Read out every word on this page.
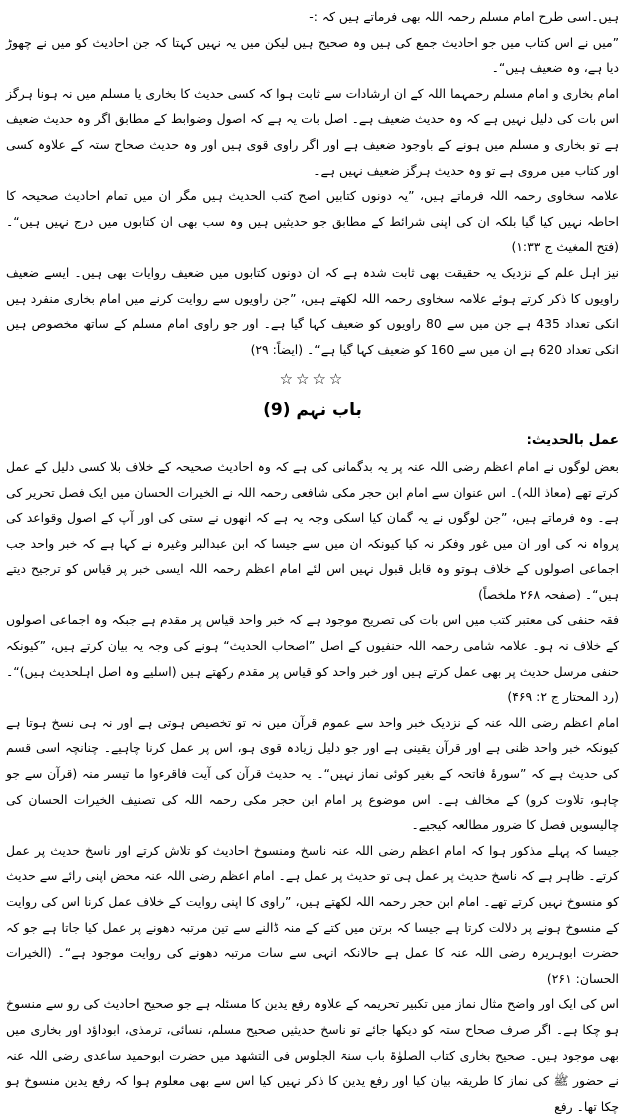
ہیں۔اسی طرح امام مسلم رحمہ اللہ بھی فرماتے ہیں کہ :-

”میں نے اس کتاب میں جو احادیث جمع کی ہیں وہ صحیح ہیں لیکن میں یہ نہیں کہتا کہ جن احادیث کو میں نے چھوڑ دیا ہے، وہ ضعیف ہیں“۔

امام بخاری و امام مسلم رحمہما اللہ کے ان ارشادات سے ثابت ہوا کہ کسی حدیث کا بخاری یا مسلم میں نہ ہونا ہرگز اس بات کی دلیل نہیں ہے کہ وہ حدیث ضعیف ہے۔ اصل بات یہ ہے کہ اصول وضوابط کے مطابق اگر وہ حدیث ضعیف ہے تو بخاری و مسلم میں ہونے کے باوجود ضعیف ہے اور اگر راوی قوی ہیں اور وہ حدیث صحاح ستہ کے علاوہ کسی اور کتاب میں مروی ہے تو وہ حدیث ہرگز ضعیف نہیں ہے۔

علامہ سخاوی رحمہ اللہ فرماتے ہیں، ”یہ دونوں کتابیں اصح کتب الحدیث ہیں مگر ان میں تمام احادیث صحیحہ کا احاطہ نہیں کیا گیا بلکہ ان کی اپنی شرائط کے مطابق جو حدیثیں ہیں وہ سب بھی ان کتابوں میں درج نہیں ہیں“۔ (فتح المغیث ج ۱:۳۳)

نیز اہل علم کے نزدیک یہ حقیقت بھی ثابت شدہ ہے کہ ان دونوں کتابوں میں ضعیف روایات بھی ہیں۔ ایسے ضعیف راویوں کا ذکر کرتے ہوئے علامہ سخاوی رحمہ اللہ لکھتے ہیں، ”جن راویوں سے روایت کرنے میں امام بخاری منفرد ہیں انکی تعداد 435 ہے جن میں سے 80 راویوں کو ضعیف کہا گیا ہے۔ اور جو راوی امام مسلم کے ساتھ مخصوص ہیں انکی تعداد 620 ہے ان میں سے 160 کو ضعیف کہا گیا ہے“۔ (ایضاً: ۲۹)

☆☆☆☆
باب نہم (9)

عمل بالحدیث:

بعض لوگوں نے امام اعظم رضی اللہ عنہ پر یہ بدگمانی کی ہے کہ وہ احادیث صحیحہ کے خلاف بلا کسی دلیل کے عمل کرتے تھے (معاذ اللہ)۔ اس عنوان سے امام ابن حجر مکی شافعی رحمہ اللہ نے الخیرات الحسان میں ایک فصل تحریر کی ہے۔ وہ فرماتے ہیں، ”جن لوگوں نے یہ گمان کیا اسکی وجہ یہ ہے کہ انھوں نے ستی کی اور آپ کے اصول وقواعد کی پرواہ نہ کی اور ان میں غور وفکر نہ کیا کیونکہ ان میں سے جیسا کہ ابن عبدالبر وغیرہ نے کہا ہے کہ خبر واحد جب اجماعی اصولوں کے خلاف ہوتو وہ قابل قبول نہیں اس لئے امام اعظم رحمہ اللہ ایسی خبر پر قیاس کو ترجیح دیتے ہیں“۔ (صفحہ ۲۶۸ ملخصاً)

فقہ حنفی کی معتبر کتب میں اس بات کی تصریح موجود ہے کہ خبر واحد قیاس پر مقدم ہے جبکہ وہ اجماعی اصولوں کے خلاف نہ ہو۔ علامہ شامی رحمہ اللہ حنفیوں کے اصل ”اصحاب الحدیث“ ہونے کی وجہ یہ بیان کرتے ہیں، ”کیونکہ حنفی مرسل حدیث پر بھی عمل کرتے ہیں اور خبر واحد کو قیاس پر مقدم رکھتے ہیں (اسلیے وہ اصل اہلحدیث ہیں)“۔ (رد المحتار ج ۲: ۴۶۹)

امام اعظم رضی اللہ عنہ کے نزدیک خبر واحد سے عموم قرآن میں نہ تو تخصیص ہوتی ہے اور نہ ہی نسخ ہوتا ہے کیونکہ خبر واحد ظنی ہے اور قرآن یقینی ہے اور جو دلیل زیادہ قوی ہو، اس پر عمل کرنا چاہیے۔ چنانچہ اسی قسم کی حدیث ہے کہ ”سورۂ فاتحہ کے بغیر کوئی نماز نہیں“۔ یہ حدیث قرآن کی آیت فاقرءوا ما تیسر منہ (قرآن سے جو چاہو، تلاوت کرو) کے مخالف ہے۔ اس موضوع پر امام ابن حجر مکی رحمہ اللہ کی تصنیف الخیرات الحسان کی چالیسویں فصل کا ضرور مطالعہ کیجیے۔

جیسا کہ پہلے مذکور ہوا کہ امام اعظم رضی اللہ عنہ ناسخ ومنسوخ احادیث کو تلاش کرتے اور ناسخ حدیث پر عمل کرتے۔ ظاہر ہے کہ ناسخ حدیث پر عمل ہی تو حدیث پر عمل ہے۔ امام اعظم رضی اللہ عنہ محض اپنی رائے سے حدیث کو منسوخ نہیں کرتے تھے۔ امام ابن حجر رحمہ اللہ لکھتے ہیں، ”راوی کا اپنی روایت کے خلاف عمل کرنا اس کی روایت کے منسوخ ہونے پر دلالت کرتا ہے جیسا کہ برتن میں کتے کے منہ ڈالنے سے تین مرتبہ دھونے پر عمل کیا جاتا ہے جو کہ حضرت ابوہریرہ رضی اللہ عنہ کا عمل ہے حالانکہ انہی سے سات مرتبہ دھونے کی روایت موجود ہے“۔ (الخیرات الحسان: ۲۶۱)

اس کی ایک اور واضح مثال نماز میں تکبیر تحریمہ کے علاوہ رفع یدین کا مسئلہ ہے جو صحیح احادیث کی رو سے منسوخ ہو چکا ہے۔ اگر صرف صحاح ستہ کو دیکھا جائے تو ناسخ حدیثیں صحیح مسلم، نسائی، ترمذی، ابوداؤد اور بخاری میں بھی موجود ہیں۔ صحیح بخاری کتاب الصلوٰۃ باب سنۃ الجلوس فی التشھد میں حضرت ابوحمید ساعدی رضی اللہ عنہ نے حضور ﷺ کی نماز کا طریقہ بیان کیا اور رفع یدین کا ذکر نہیں کیا اس سے بھی معلوم ہوا کہ رفع یدین منسوخ ہو چکا تھا۔ رفع
